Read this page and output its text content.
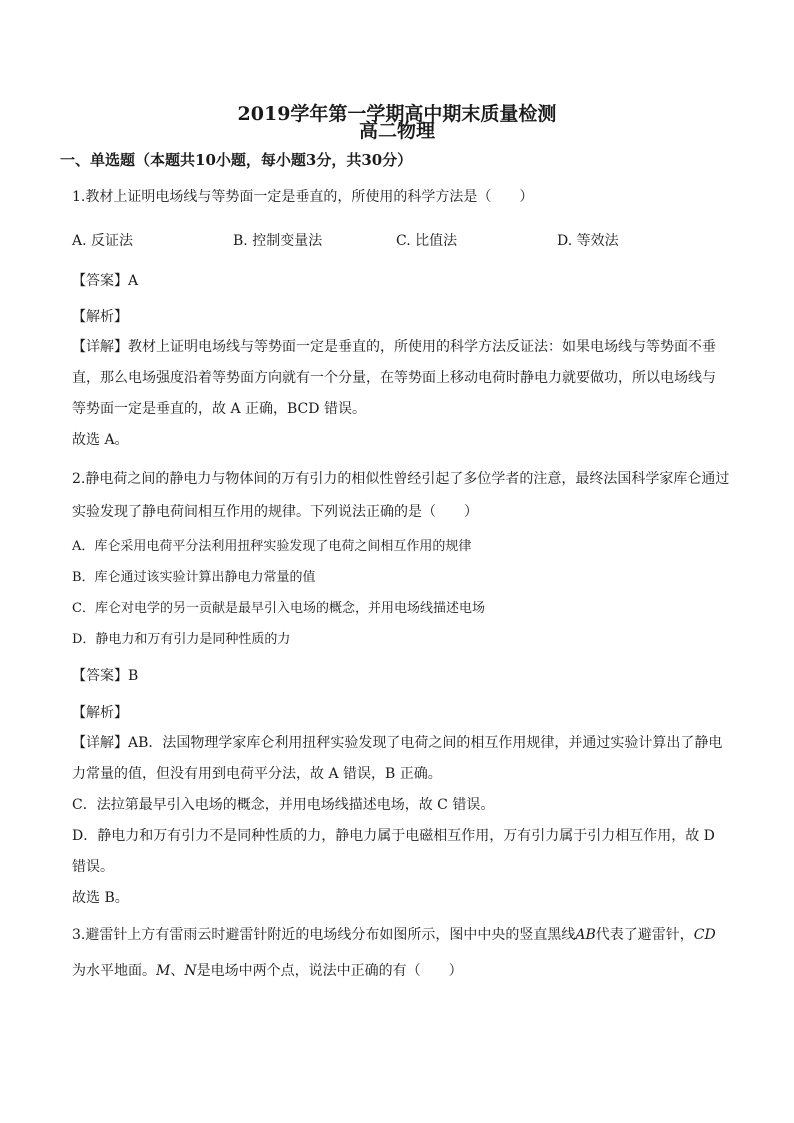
2019学年第一学期高中期末质量检测
高二物理
一、单选题（本题共10小题，每小题3分，共30分）
1.教材上证明电场线与等势面一定是垂直的，所使用的科学方法是（　　）
A. 反证法	B. 控制变量法	C. 比值法	D. 等效法
【答案】A
【解析】
【详解】教材上证明电场线与等势面一定是垂直的，所使用的科学方法反证法：如果电场线与等势面不垂
直，那么电场强度沿着等势面方向就有一个分量，在等势面上移动电荷时静电力就要做功，所以电场线与
等势面一定是垂直的，故 A 正确，BCD 错误。
故选 A。
2.静电荷之间的静电力与物体间的万有引力的相似性曾经引起了多位学者的注意，最终法国科学家库仑通过
实验发现了静电荷间相互作用的规律。下列说法正确的是（　　）
A．库仑采用电荷平分法利用扭秤实验发现了电荷之间相互作用的规律
B．库仑通过该实验计算出静电力常量的值
C．库仑对电学的另一贡献是最早引入电场的概念，并用电场线描述电场
D．静电力和万有引力是同种性质的力
【答案】B
【解析】
【详解】AB．法国物理学家库仑利用扭秤实验发现了电荷之间的相互作用规律，并通过实验计算出了静电
力常量的值，但没有用到电荷平分法，故 A 错误，B 正确。
C．法拉第最早引入电场的概念，并用电场线描述电场，故 C 错误。
D．静电力和万有引力不是同种性质的力，静电力属于电磁相互作用，万有引力属于引力相互作用，故 D
错误。
故选 B。
3.避雷针上方有雷雨云时避雷针附近的电场线分布如图所示，图中中央的竖直黑线AB代表了避雷针，CD
为水平地面。M、N是电场中两个点，说法中正确的有（　　）
